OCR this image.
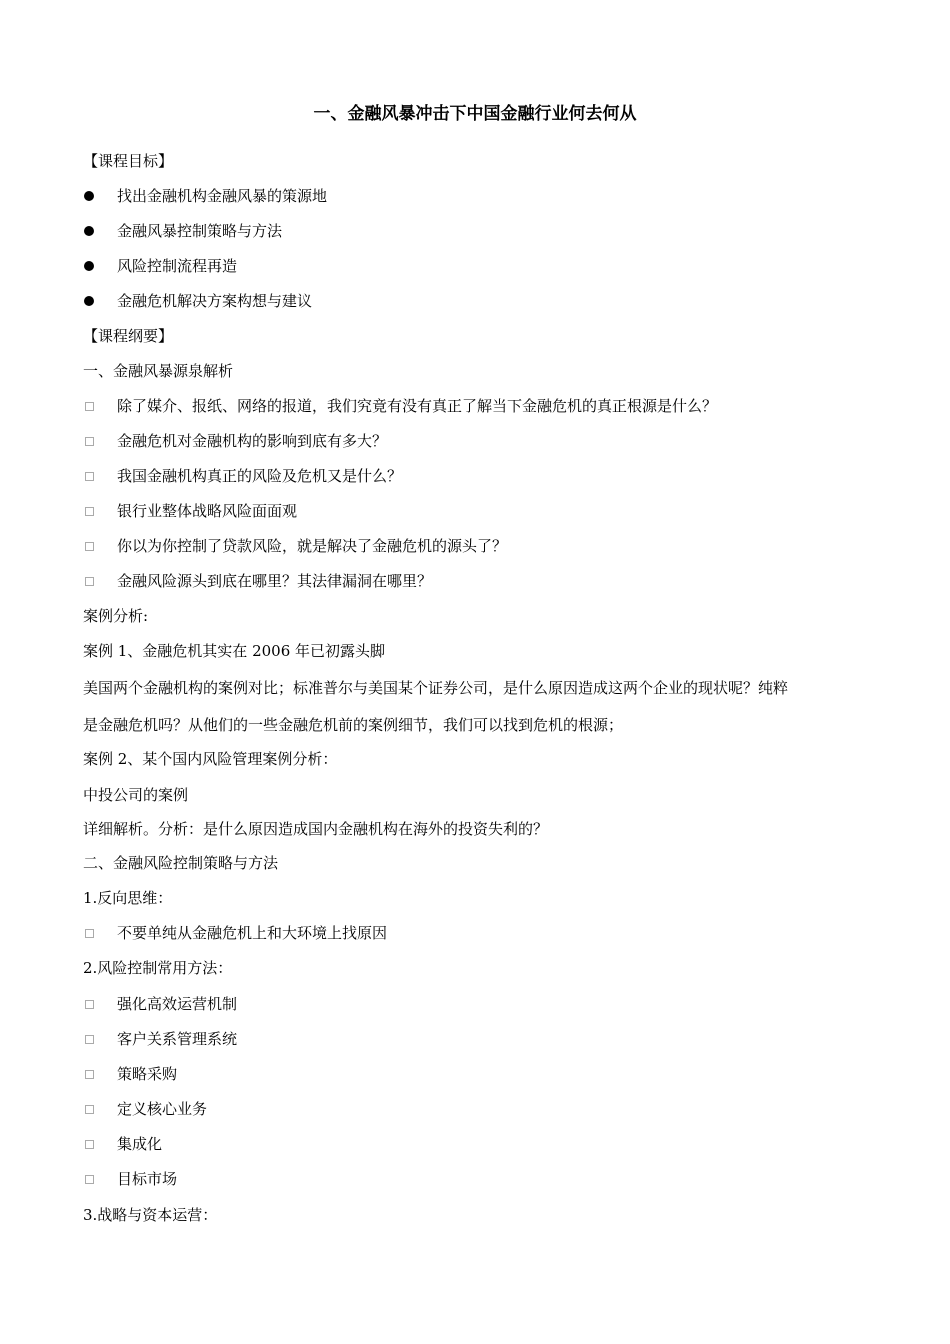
一、金融风暴冲击下中国金融行业何去何从
【课程目标】
找出金融机构金融风暴的策源地
金融风暴控制策略与方法
风险控制流程再造
金融危机解决方案构想与建议
【课程纲要】
一、金融风暴源泉解析
除了媒介、报纸、网络的报道，我们究竟有没有真正了解当下金融危机的真正根源是什么？
金融危机对金融机构的影响到底有多大？
我国金融机构真正的风险及危机又是什么？
银行业整体战略风险面面观
你以为你控制了贷款风险，就是解决了金融危机的源头了？
金融风险源头到底在哪里？其法律漏洞在哪里？
案例分析:
案例 1、金融危机其实在 2006 年已初露头脚
美国两个金融机构的案例对比；标准普尔与美国某个证券公司，是什么原因造成这两个企业的现状呢？纯粹
是金融危机吗？从他们的一些金融危机前的案例细节，我们可以找到危机的根源；
案例 2、某个国内风险管理案例分析：
中投公司的案例
详细解析。分析：是什么原因造成国内金融机构在海外的投资失利的？
二、金融风险控制策略与方法
1.反向思维：
不要单纯从金融危机上和大环境上找原因
2.风险控制常用方法：
强化高效运营机制
客户关系管理系统
策略采购
定义核心业务
集成化
目标市场
3.战略与资本运营：
